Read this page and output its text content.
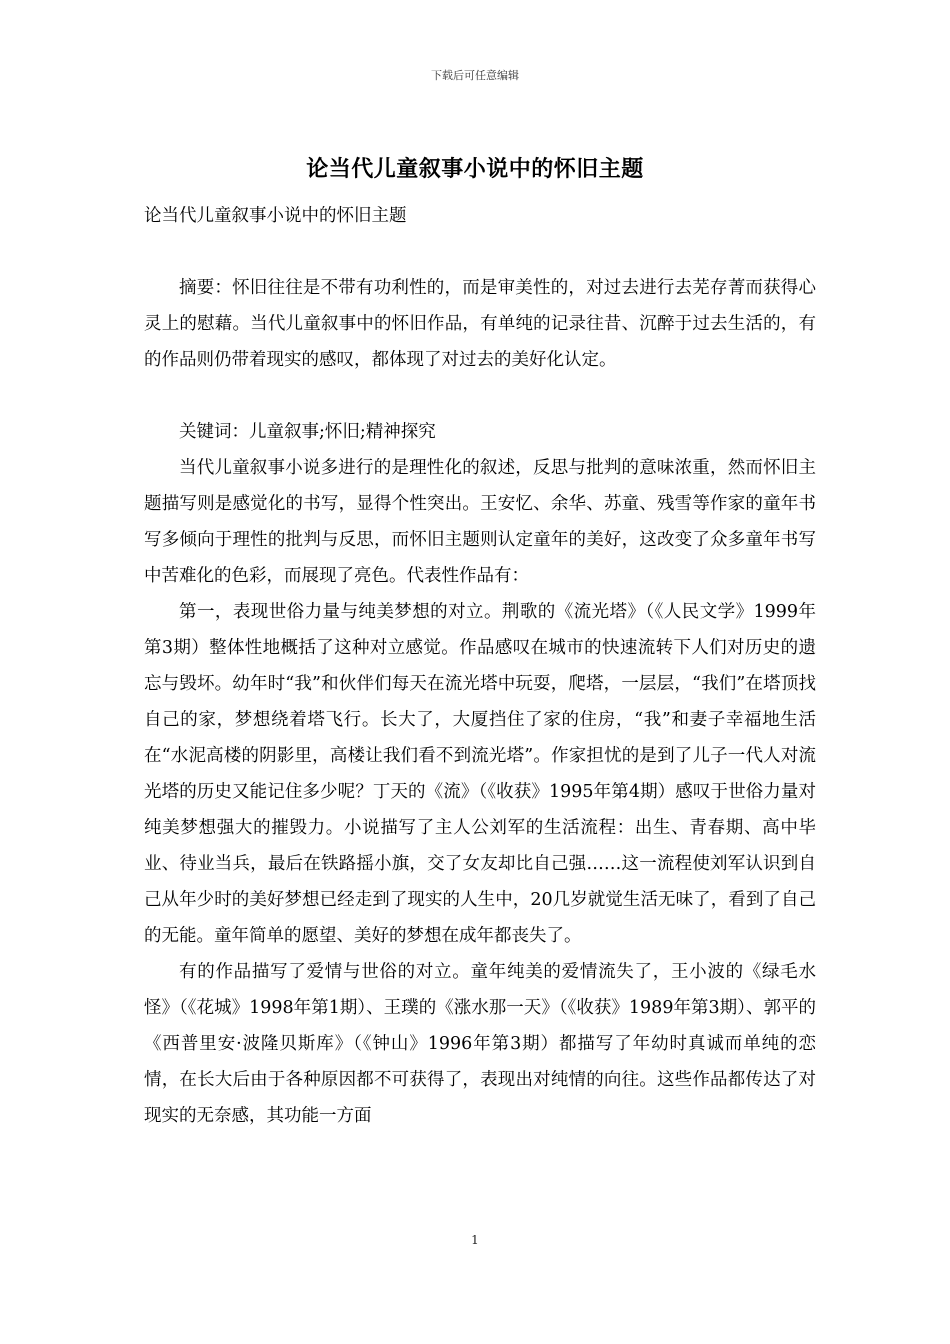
下载后可任意编辑
论当代儿童叙事小说中的怀旧主题

论当代儿童叙事小说中的怀旧主题

摘要：怀旧往往是不带有功利性的，而是审美性的，对过去进行去芜存菁而获得心灵上的慰藉。当代儿童叙事中的怀旧作品，有单纯的记录往昔、沉醉于过去生活的，有的作品则仍带着现实的感叹，都体现了对过去的美好化认定。

关键词：儿童叙事;怀旧;精神探究

当代儿童叙事小说多进行的是理性化的叙述，反思与批判的意味浓重，然而怀旧主题描写则是感觉化的书写，显得个性突出。王安忆、余华、苏童、残雪等作家的童年书写多倾向于理性的批判与反思，而怀旧主题则认定童年的美好，这改变了众多童年书写中苦难化的色彩，而展现了亮色。代表性作品有：

第一，表现世俗力量与纯美梦想的对立。荆歌的《流光塔》（《人民文学》1999年第3期）整体性地概括了这种对立感觉。作品感叹在城市的快速流转下人们对历史的遗忘与毁坏。幼年时“我”和伙伴们每天在流光塔中玩耍，爬塔，一层层，“我们”在塔顶找自己的家，梦想绕着塔飞行。长大了，大厦挡住了家的住房，“我”和妻子幸福地生活在“水泥高楼的阴影里，高楼让我们看不到流光塔”。作家担忧的是到了儿子一代人对流光塔的历史又能记住多少呢？丁天的《流》（《收获》1995年第4期）感叹于世俗力量对纯美梦想强大的摧毁力。小说描写了主人公刘军的生活流程：出生、青春期、高中毕业、待业当兵，最后在铁路摇小旗，交了女友却比自己强……这一流程使刘军认识到自己从年少时的美好梦想已经走到了现实的人生中，20几岁就觉生活无味了，看到了自己的无能。童年简单的愿望、美好的梦想在成年都丧失了。

有的作品描写了爱情与世俗的对立。童年纯美的爱情流失了，王小波的《绿毛水怪》（《花城》1998年第1期）、王璞的《涨水那一天》（《收获》1989年第3期）、郭平的《西普里安·波隆贝斯库》（《钟山》1996年第3期）都描写了年幼时真诚而单纯的恋情，在长大后由于各种原因都不可获得了，表现出对纯情的向往。这些作品都传达了对现实的无奈感，其功能一方面

1
